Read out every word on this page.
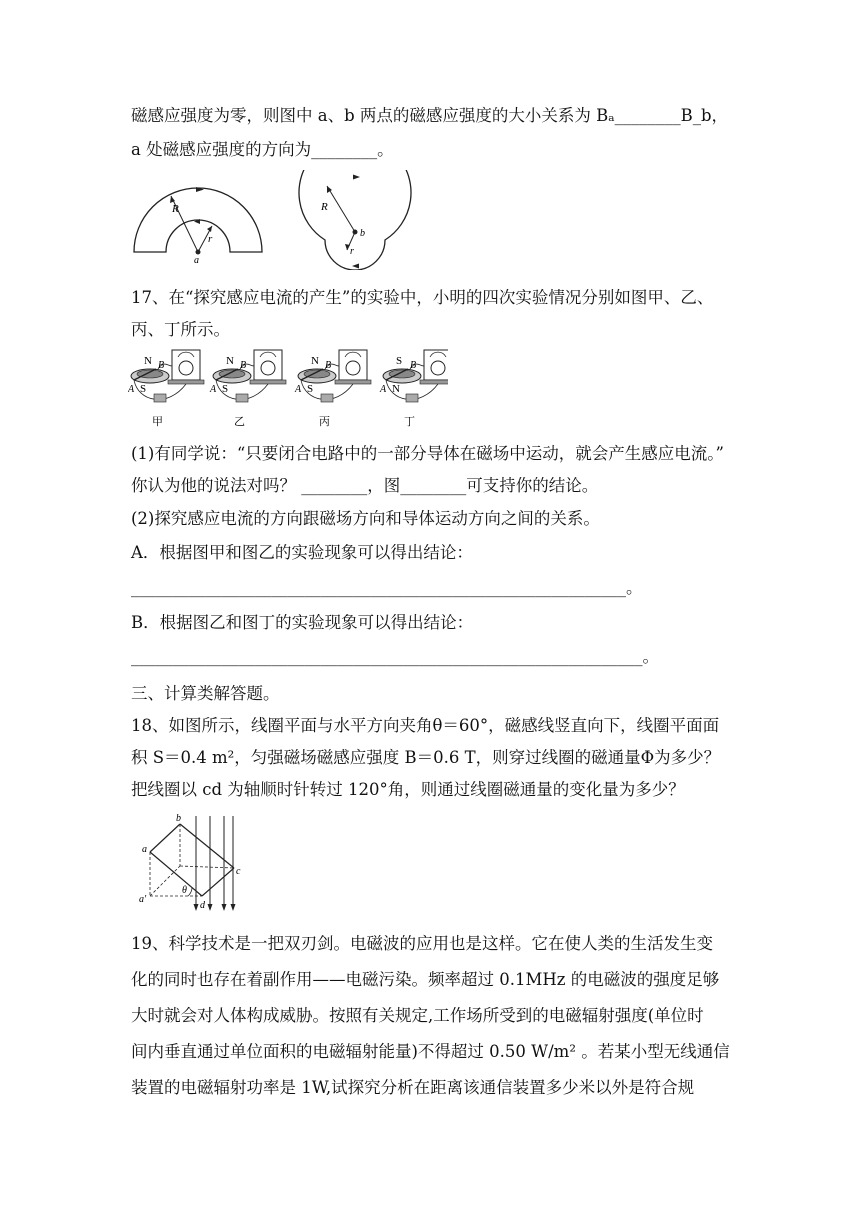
磁感应强度为零，则图中 a、b 两点的磁感应强度的大小关系为 Bₐ________B_b，
a 处磁感应强度的方向为________。
R
r
a
R
b
r
17、在“探究感应电流的产生”的实验中，小明的四次实验情况分别如图甲、乙、
丙、丁所示。
N
S
A
B
甲
N
S
A
B
乙
N
S
A
B
丙
S
N
A
B
丁
(1)有同学说：“只要闭合电路中的一部分导体在磁场中运动，就会产生感应电流。”
你认为他的说法对吗？ ________，图________可支持你的结论。
(2)探究感应电流的方向跟磁场方向和导体运动方向之间的关系。
A．根据图甲和图乙的实验现象可以得出结论：
____________________________________________________________。
B．根据图乙和图丁的实验现象可以得出结论：
______________________________________________________________。
三、计算类解答题。
18、如图所示，线圈平面与水平方向夹角θ＝60°，磁感线竖直向下，线圈平面面
积 S＝0.4 m²，匀强磁场磁感应强度 B＝0.6 T，则穿过线圈的磁通量Φ为多少？
把线圈以 cd 为轴顺时针转过 120°角，则通过线圈磁通量的变化量为多少？
a
b
c
d
a'
θ
19、科学技术是一把双刃剑。电磁波的应用也是这样。它在使人类的生活发生变
化的同时也存在着副作用——电磁污染。频率超过 0.1MHz 的电磁波的强度足够
大时就会对人体构成威胁。按照有关规定,工作场所受到的电磁辐射强度(单位时
间内垂直通过单位面积的电磁辐射能量)不得超过 0.50 W/m² 。若某小型无线通信
装置的电磁辐射功率是 1W,试探究分析在距离该通信装置多少米以外是符合规
